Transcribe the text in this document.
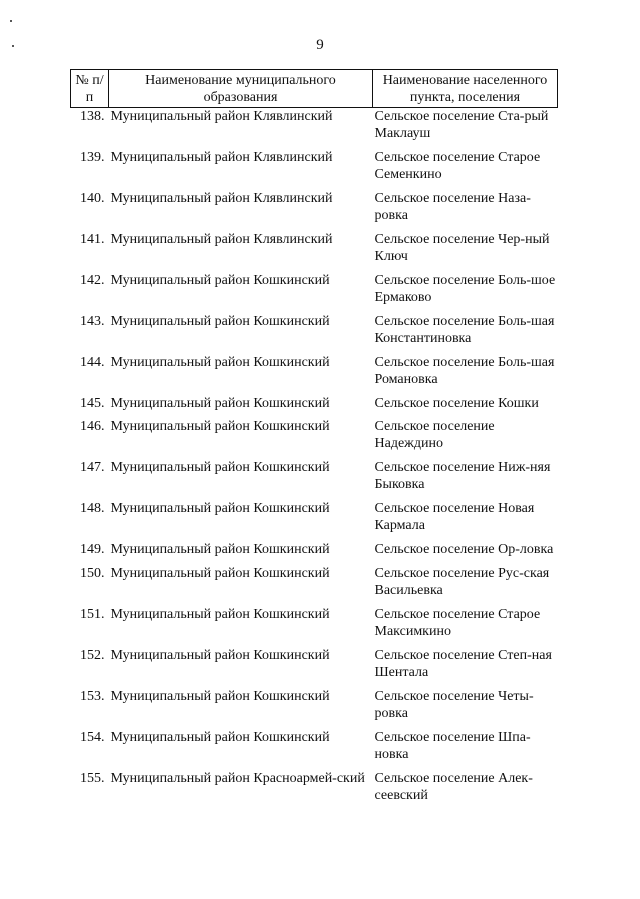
9
№ п/п	Наименование муниципального образования	Наименование населенного пункта, поселения
138.	Муниципальный район Клявлинский	Сельское поселение Ста-рый Маклауш
139.	Муниципальный район Клявлинский	Сельское поселение Старое Семенкино
140.	Муниципальный район Клявлинский	Сельское поселение Наза-ровка
141.	Муниципальный район Клявлинский	Сельское поселение Чер-ный Ключ
142.	Муниципальный район Кошкинский	Сельское поселение Боль-шое Ермаково
143.	Муниципальный район Кошкинский	Сельское поселение Боль-шая Константиновка
144.	Муниципальный район Кошкинский	Сельское поселение Боль-шая Романовка
145.	Муниципальный район Кошкинский	Сельское поселение Кошки
146.	Муниципальный район Кошкинский	Сельское поселение Надеждино
147.	Муниципальный район Кошкинский	Сельское поселение Ниж-няя Быковка
148.	Муниципальный район Кошкинский	Сельское поселение Новая Кармала
149.	Муниципальный район Кошкинский	Сельское поселение Ор-ловка
150.	Муниципальный район Кошкинский	Сельское поселение Рус-ская Васильевка
151.	Муниципальный район Кошкинский	Сельское поселение Старое Максимкино
152.	Муниципальный район Кошкинский	Сельское поселение Степ-ная Шентала
153.	Муниципальный район Кошкинский	Сельское поселение Четы-ровка
154.	Муниципальный район Кошкинский	Сельское поселение Шпа-новка
155.	Муниципальный район Красноармей-ский	Сельское поселение Алек-сеевский
